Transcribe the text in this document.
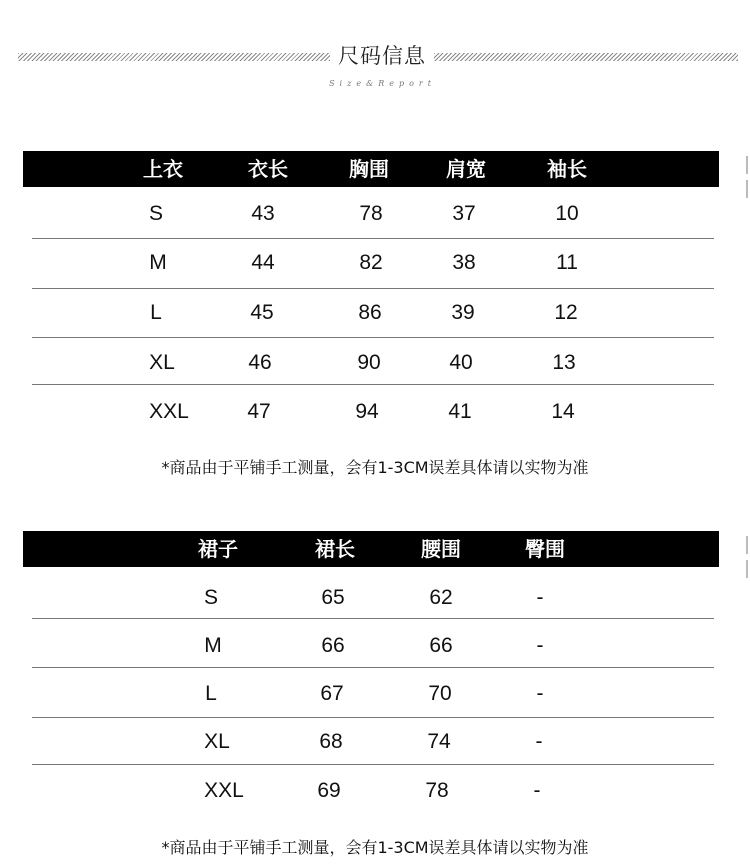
尺码信息
Size&Report
上衣	衣长	胸围	肩宽	袖长
S	43	78	37	10
M	44	82	38	11
L	45	86	39	12
XL	46	90	40	13
XXL	47	94	41	14
*商品由于平铺手工测量，会有1-3CM误差具体请以实物为准
裙子	裙长	腰围	臀围
S	65	62	-
M	66	66	-
L	67	70	-
XL	68	74	-
XXL	69	78	-
*商品由于平铺手工测量，会有1-3CM误差具体请以实物为准
